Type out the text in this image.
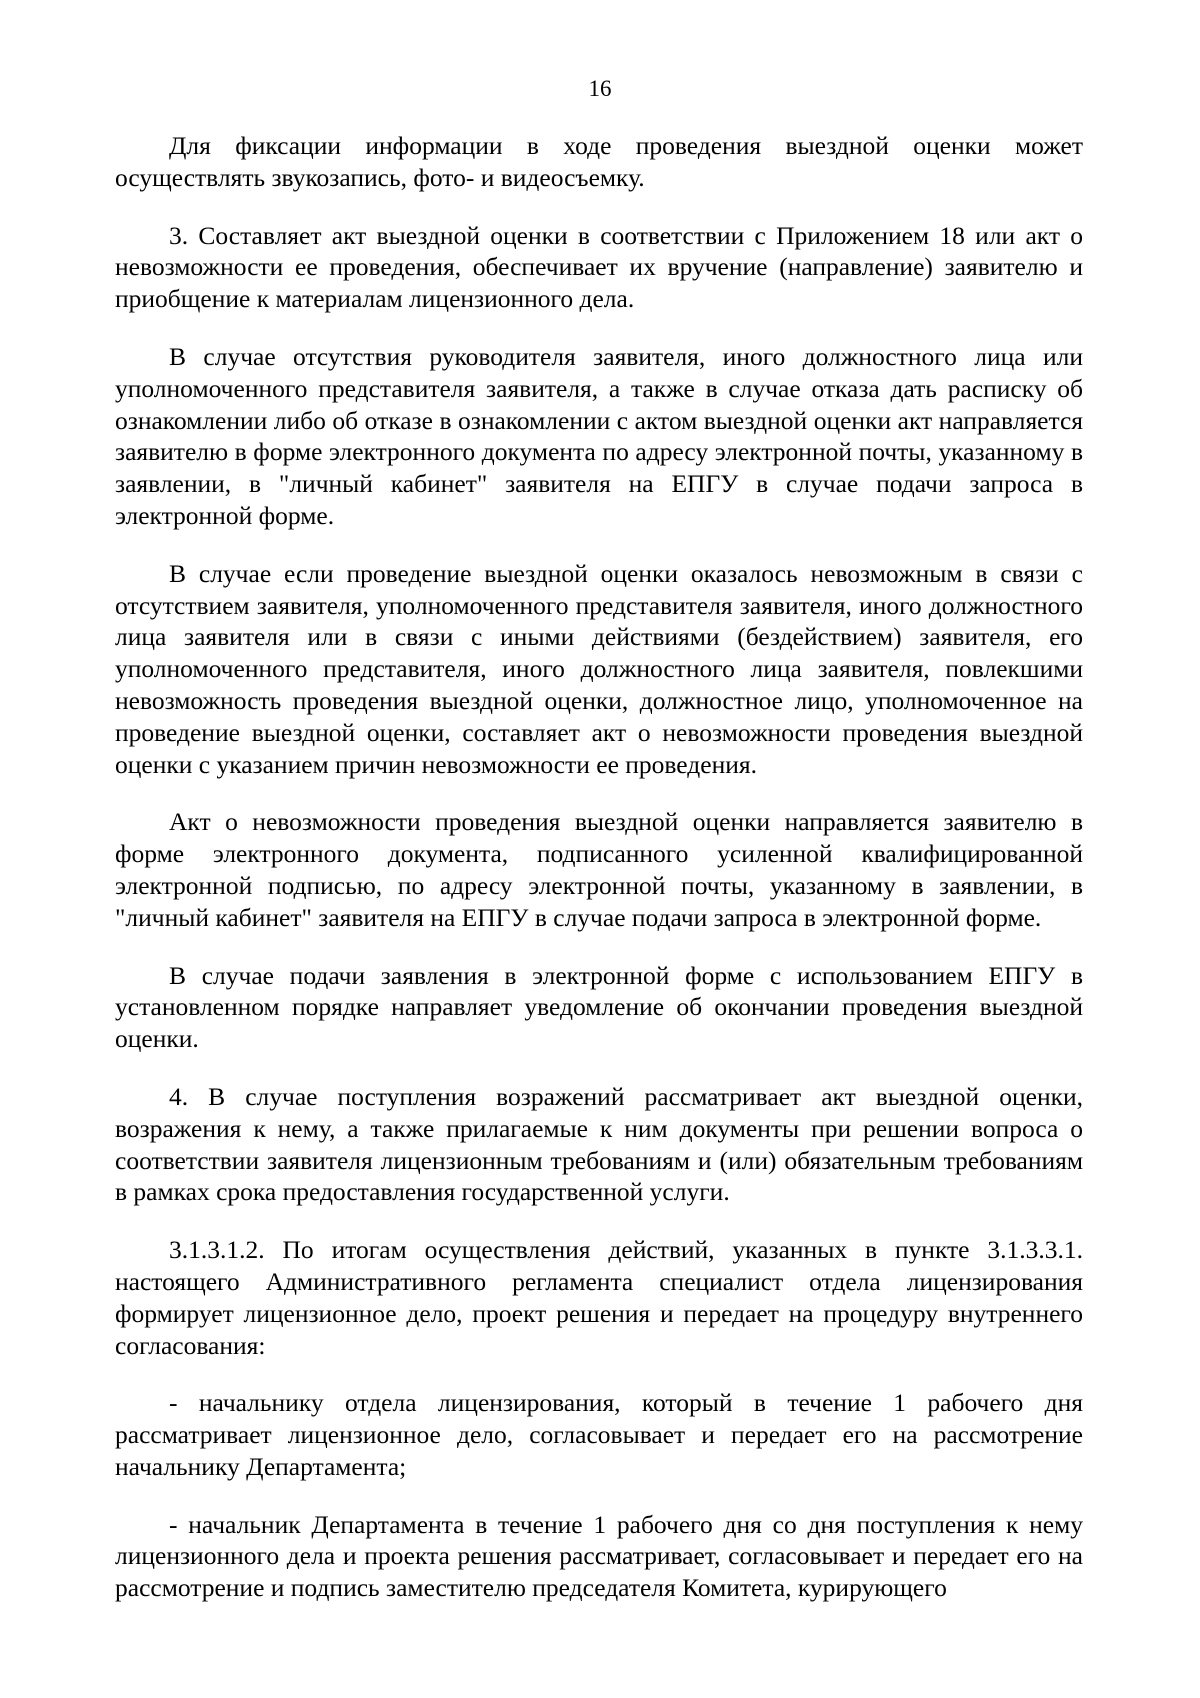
16

Для фиксации информации в ходе проведения выездной оценки может осуществлять звукозапись, фото- и видеосъемку.

3. Составляет акт выездной оценки в соответствии с Приложением 18 или акт о невозможности ее проведения, обеспечивает их вручение (направление) заявителю и приобщение к материалам лицензионного дела.

В случае отсутствия руководителя заявителя, иного должностного лица или уполномоченного представителя заявителя, а также в случае отказа дать расписку об ознакомлении либо об отказе в ознакомлении с актом выездной оценки акт направляется заявителю в форме электронного документа по адресу электронной почты, указанному в заявлении, в "личный кабинет" заявителя на ЕПГУ в случае подачи запроса в электронной форме.

В случае если проведение выездной оценки оказалось невозможным в связи с отсутствием заявителя, уполномоченного представителя заявителя, иного должностного лица заявителя или в связи с иными действиями (бездействием) заявителя, его уполномоченного представителя, иного должностного лица заявителя, повлекшими невозможность проведения выездной оценки, должностное лицо, уполномоченное на проведение выездной оценки, составляет акт о невозможности проведения выездной оценки с указанием причин невозможности ее проведения.

Акт о невозможности проведения выездной оценки направляется заявителю в форме электронного документа, подписанного усиленной квалифицированной электронной подписью, по адресу электронной почты, указанному в заявлении, в "личный кабинет" заявителя на ЕПГУ в случае подачи запроса в электронной форме.

В случае подачи заявления в электронной форме с использованием ЕПГУ в установленном порядке направляет уведомление об окончании проведения выездной оценки.

4. В случае поступления возражений рассматривает акт выездной оценки, возражения к нему, а также прилагаемые к ним документы при решении вопроса о соответствии заявителя лицензионным требованиям и (или) обязательным требованиям в рамках срока предоставления государственной услуги.

3.1.3.1.2. По итогам осуществления действий, указанных в пункте 3.1.3.3.1. настоящего Административного регламента специалист отдела лицензирования формирует лицензионное дело, проект решения и передает на процедуру внутреннего согласования:

- начальнику отдела лицензирования, который в течение 1 рабочего дня рассматривает лицензионное дело, согласовывает и передает его на рассмотрение начальнику Департамента;

- начальник Департамента в течение 1 рабочего дня со дня поступления к нему лицензионного дела и проекта решения рассматривает, согласовывает и передает его на рассмотрение и подпись заместителю председателя Комитета, курирующего
